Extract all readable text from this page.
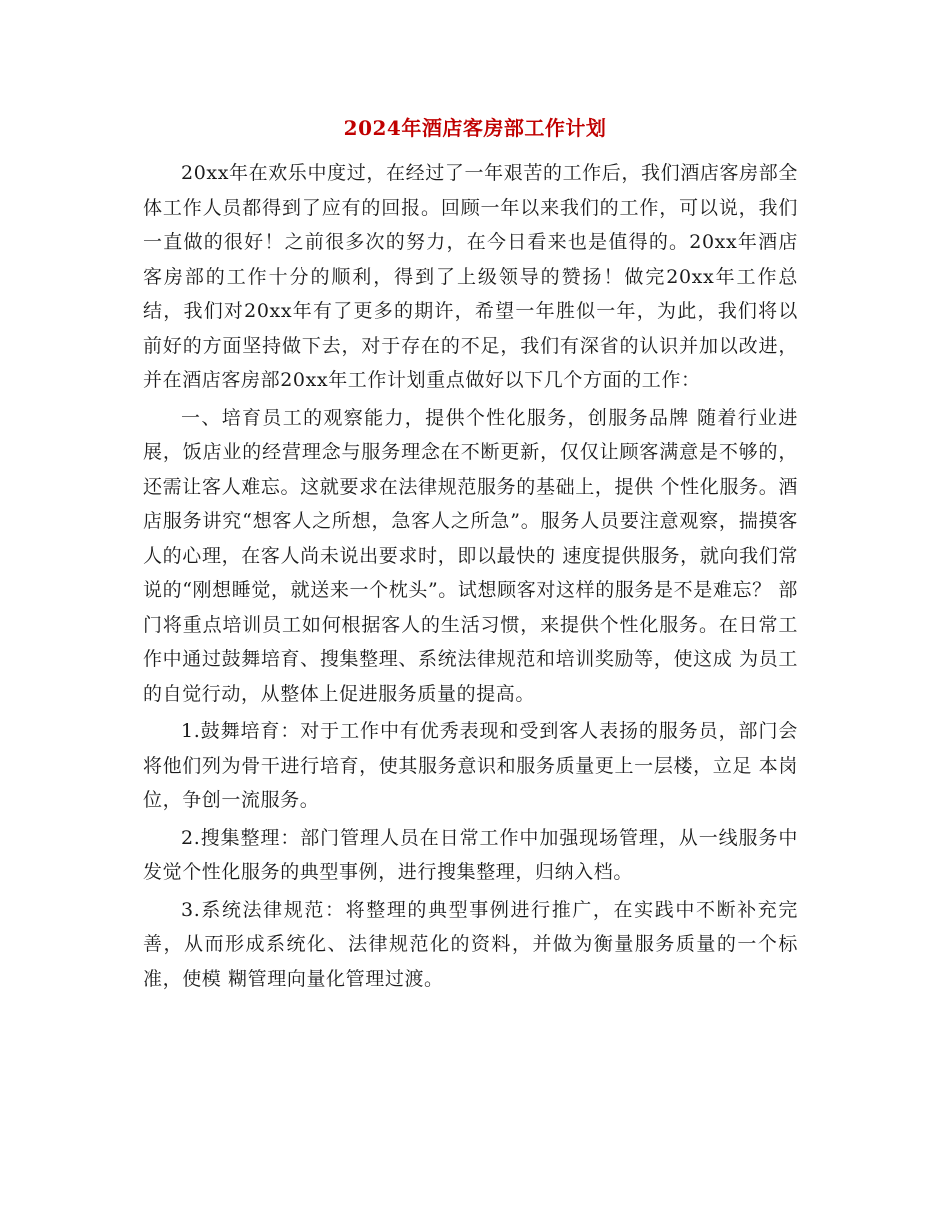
2024年酒店客房部工作计划

20xx年在欢乐中度过，在经过了一年艰苦的工作后，我们酒店客房部全体工作人员都得到了应有的回报。回顾一年以来我们的工作，可以说，我们一直做的很好！之前很多次的努力，在今日看来也是值得的。20xx年酒店客房部的工作十分的顺利，得到了上级领导的赞扬！做完20xx年工作总结，我们对20xx年有了更多的期许，希望一年胜似一年，为此，我们将以前好的方面坚持做下去，对于存在的不足，我们有深省的认识并加以改进，并在酒店客房部20xx年工作计划重点做好以下几个方面的工作：

一、培育员工的观察能力，提供个性化服务，创服务品牌 随着行业进展，饭店业的经营理念与服务理念在不断更新，仅仅让顾客满意是不够的，还需让客人难忘。这就要求在法律规范服务的基础上，提供 个性化服务。酒店服务讲究“想客人之所想，急客人之所急”。服务人员要注意观察，揣摸客人的心理，在客人尚未说出要求时，即以最快的 速度提供服务，就向我们常说的“刚想睡觉，就送来一个枕头”。试想顾客对这样的服务是不是难忘？ 部门将重点培训员工如何根据客人的生活习惯，来提供个性化服务。在日常工作中通过鼓舞培育、搜集整理、系统法律规范和培训奖励等，使这成 为员工的自觉行动，从整体上促进服务质量的提高。

1.鼓舞培育：对于工作中有优秀表现和受到客人表扬的服务员，部门会将他们列为骨干进行培育，使其服务意识和服务质量更上一层楼，立足 本岗位，争创一流服务。

2.搜集整理：部门管理人员在日常工作中加强现场管理，从一线服务中发觉个性化服务的典型事例，进行搜集整理，归纳入档。

3.系统法律规范：将整理的典型事例进行推广，在实践中不断补充完善，从而形成系统化、法律规范化的资料，并做为衡量服务质量的一个标准，使模 糊管理向量化管理过渡。
